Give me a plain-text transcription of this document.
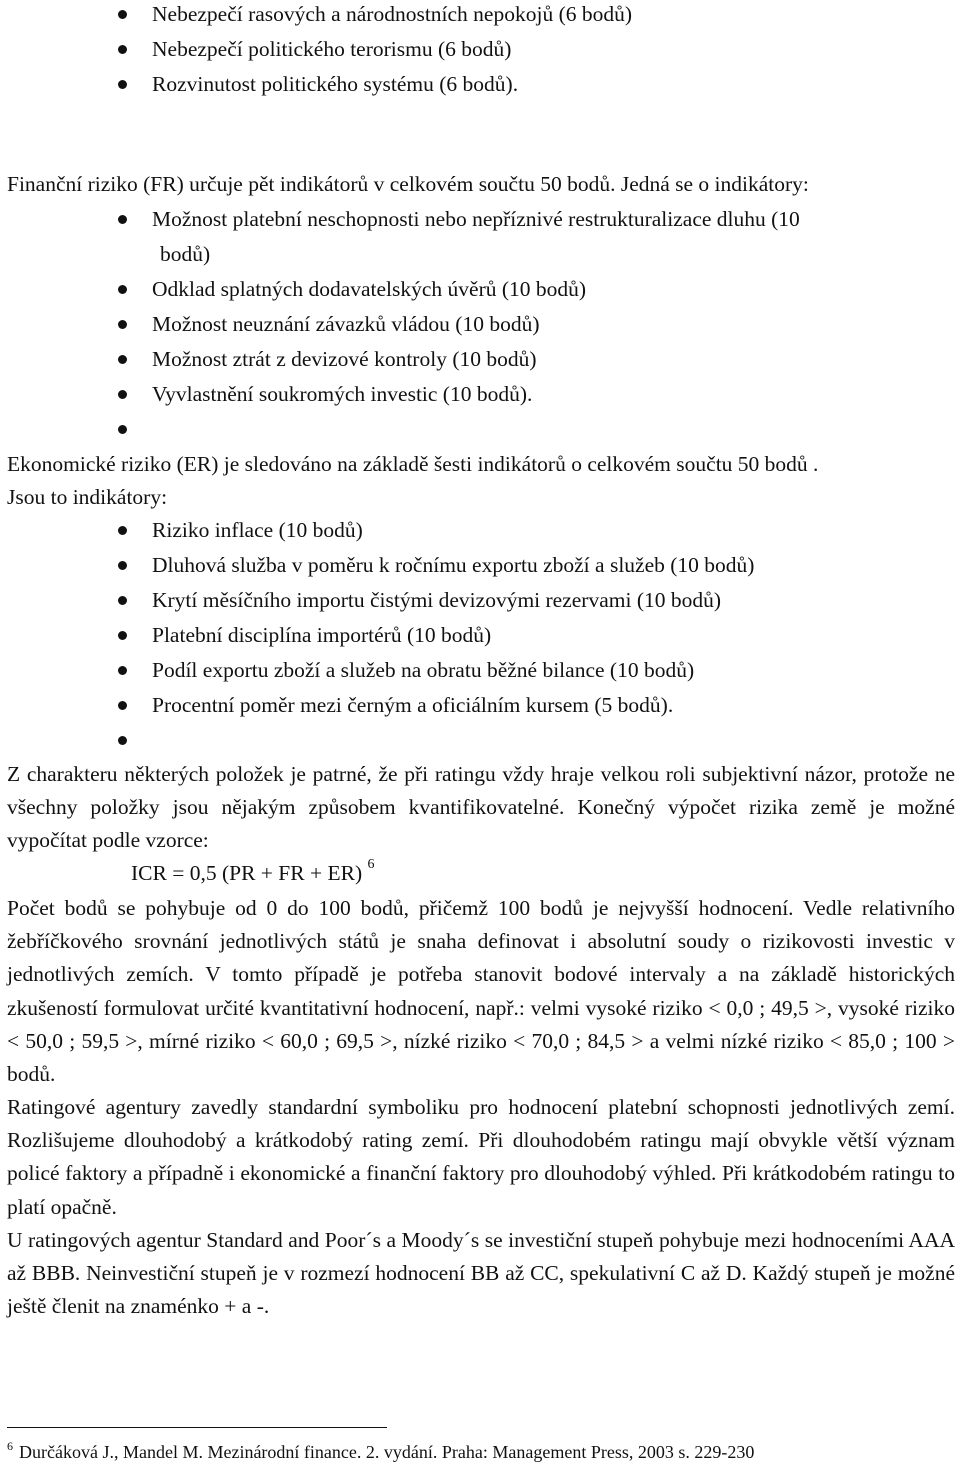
Nebezpečí rasových a národnostních nepokojů (6 bodů)
Nebezpečí politického terorismu (6 bodů)
Rozvinutost politického systému (6 bodů).
Finanční riziko (FR) určuje pět indikátorů v celkovém součtu 50 bodů. Jedná se o indikátory:
Možnost platební neschopnosti nebo nepříznivé restrukturalizace dluhu (10
bodů)
Odklad splatných dodavatelských úvěrů (10 bodů)
Možnost neuznání závazků vládou (10 bodů)
Možnost ztrát z devizové kontroly (10 bodů)
Vyvlastnění soukromých investic (10 bodů).
Ekonomické riziko (ER) je sledováno na základě šesti indikátorů o celkovém součtu 50 bodů .
Jsou to indikátory:
Riziko inflace (10 bodů)
Dluhová služba v poměru k ročnímu exportu zboží a služeb (10 bodů)
Krytí měsíčního importu čistými devizovými rezervami (10 bodů)
Platební disciplína importérů (10 bodů)
Podíl exportu zboží a služeb na obratu běžné bilance (10 bodů)
Procentní poměr mezi černým a oficiálním kursem (5 bodů).
Z charakteru některých položek je patrné, že při ratingu vždy hraje velkou roli subjektivní názor, protože ne všechny položky jsou nějakým způsobem kvantifikovatelné. Konečný výpočet rizika země je možné vypočítat podle vzorce:
ICR = 0,5 (PR + FR + ER) $^6$
Počet bodů se pohybuje od 0 do 100 bodů, přičemž 100 bodů je nejvyšší hodnocení. Vedle relativního žebříčkového srovnání jednotlivých států je snaha definovat i absolutní soudy o rizikovosti investic v jednotlivých zemích. V tomto případě je potřeba stanovit bodové intervaly a na základě historických zkušeností formulovat určité kvantitativní hodnocení, např.: velmi vysoké riziko < 0,0 ; 49,5 >, vysoké riziko < 50,0 ; 59,5 >, mírné riziko < 60,0 ; 69,5 >, nízké riziko < 70,0 ; 84,5 > a velmi nízké riziko < 85,0 ; 100 > bodů.
Ratingové agentury zavedly standardní symboliku pro hodnocení platební schopnosti jednotlivých zemí. Rozlišujeme dlouhodobý a krátkodobý rating zemí. Při dlouhodobém ratingu mají obvykle větší význam policé faktory a případně i ekonomické a finanční faktory pro dlouhodobý výhled. Při krátkodobém ratingu to platí opačně.
U ratingových agentur Standard and Poor´s a Moody´s se investiční stupeň pohybuje mezi hodnoceními AAA až BBB. Neinvestiční stupeň je v rozmezí hodnocení BB až CC, spekulativní C až D. Každý stupeň je možné ještě členit na znaménko + a -.
$^6$ Durčáková J., Mandel M. Mezinárodní finance. 2. vydání. Praha: Management Press, 2003 s. 229-230
